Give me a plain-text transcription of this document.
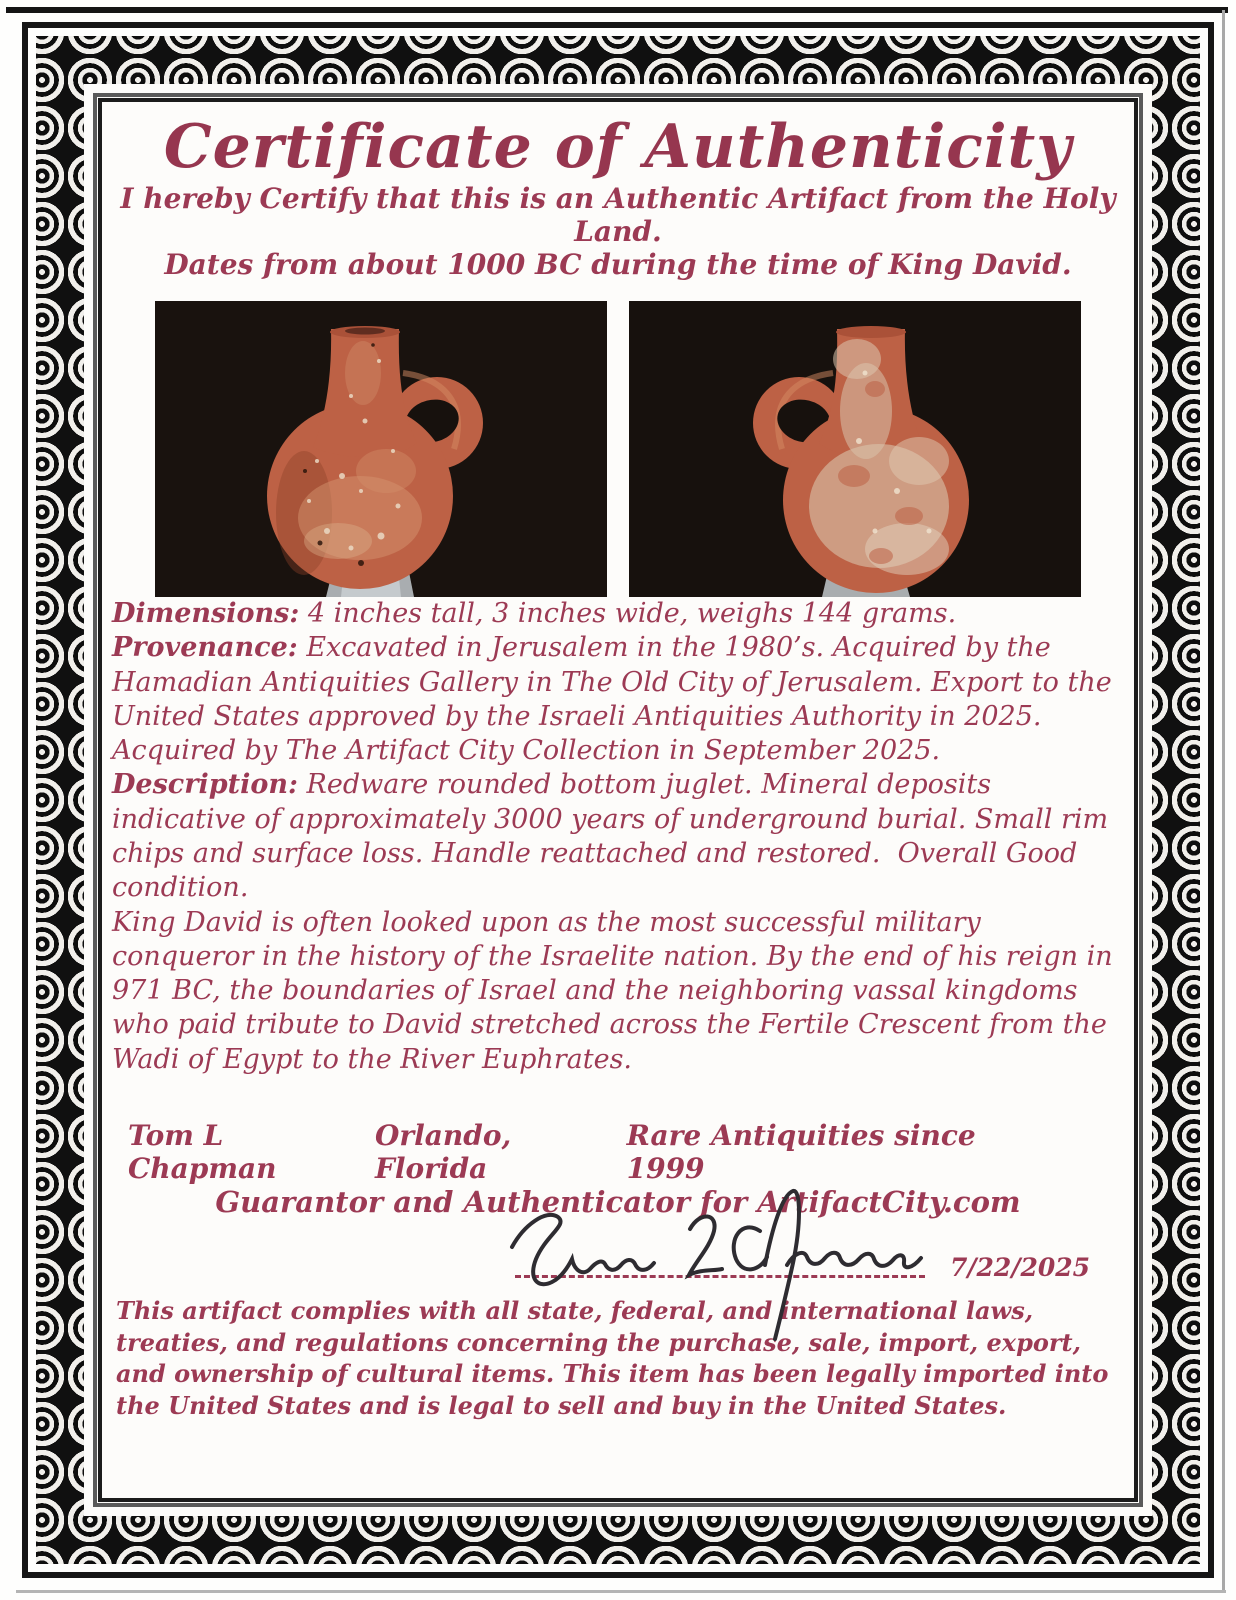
Certificate of Authenticity

I hereby Certify that this is an Authentic Artifact from the Holy Land.

Dates from about 1000 BC during the time of King David.

Dimensions: 4 inches tall, 3 inches wide, weighs 144 grams.

Provenance: Excavated in Jerusalem in the 1980’s. Acquired by the Hamadian Antiquities Gallery in The Old City of Jerusalem. Export to the United States approved by the Israeli Antiquities Authority in 2025. Acquired by The Artifact City Collection in September 2025.

Description: Redware rounded bottom juglet. Mineral deposits indicative of approximately 3000 years of underground burial. Small rim chips and surface loss. Handle reattached and restored.  Overall Good condition.

King David is often looked upon as the most successful military conqueror in the history of the Israelite nation. By the end of his reign in 971 BC, the boundaries of Israel and the neighboring vassal kingdoms who paid tribute to David stretched across the Fertile Crescent from the Wadi of Egypt to the River Euphrates.

Tom L Chapman
Orlando, Florida
Rare Antiquities since 1999

Guarantor and Authenticator for ArtifactCity.com

7/22/2025

This artifact complies with all state, federal, and international laws, treaties, and regulations concerning the purchase, sale, import, export, and ownership of cultural items. This item has been legally imported into the United States and is legal to sell and buy in the United States.
